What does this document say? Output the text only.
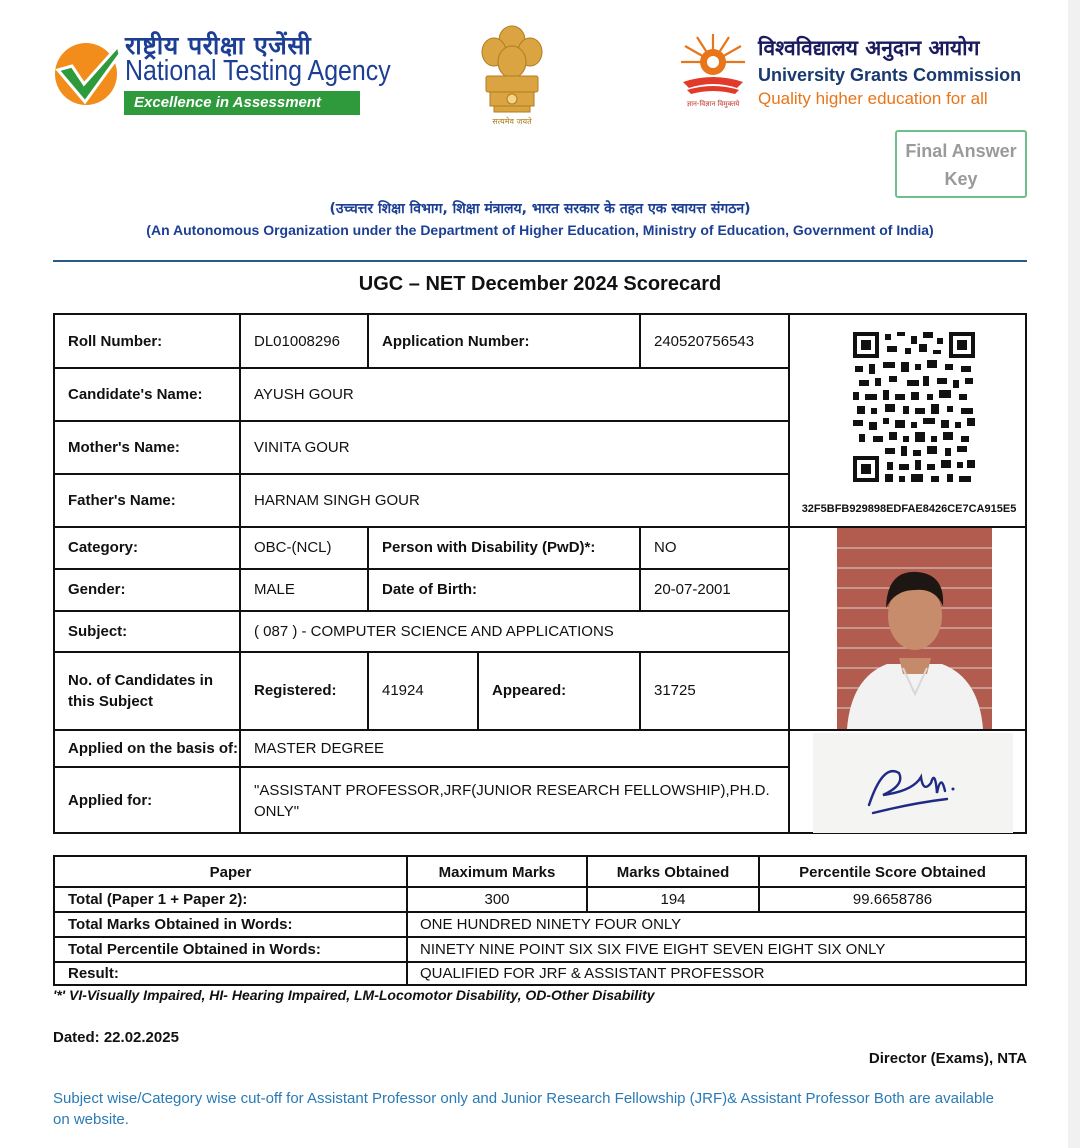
राष्ट्रीय परीक्षा एजेंसी
National Testing Agency
Excellence in Assessment
सत्यमेव जयते
ज्ञान-विज्ञान विमुक्तये
विश्वविद्यालय अनुदान आयोग
University Grants Commission
Quality higher education for all
Final Answer Key
(उच्चत्तर शिक्षा विभाग, शिक्षा मंत्रालय, भारत सरकार के तहत एक स्वायत्त संगठन)
(An Autonomous Organization under the Department of Higher Education, Ministry of Education, Government of India)
UGC – NET December 2024 Scorecard
Roll Number:	DL01008296	Application Number:	240520756543
Candidate's Name:	AYUSH GOUR
Mother's Name:	VINITA GOUR
Father's Name:	HARNAM SINGH GOUR
Category:	OBC-(NCL)	Person with Disability (PwD)*:	NO
Gender:	MALE	Date of Birth:	20-07-2001
Subject:	( 087 ) - COMPUTER SCIENCE AND APPLICATIONS
No. of Candidates in this Subject
Registered:	41924	Appeared:	31725
Applied on the basis of:	MASTER DEGREE
Applied for:
"ASSISTANT PROFESSOR,JRF(JUNIOR RESEARCH FELLOWSHIP),PH.D. ONLY"
32F5BFB929898EDFAE8426CE7CA915E5
Paper	Maximum Marks	Marks Obtained	Percentile Score Obtained
Total (Paper 1 + Paper 2):	300	194	99.6658786
Total Marks Obtained in Words:	ONE HUNDRED NINETY FOUR ONLY
Total Percentile Obtained in Words:	NINETY NINE POINT SIX SIX FIVE EIGHT SEVEN EIGHT SIX ONLY
Result:	QUALIFIED FOR JRF & ASSISTANT PROFESSOR
'*' VI-Visually Impaired, HI- Hearing Impaired, LM-Locomotor Disability, OD-Other Disability
Dated: 22.02.2025
Director (Exams), NTA
Subject wise/Category wise cut-off for Assistant Professor only and Junior Research Fellowship (JRF)& Assistant Professor Both are available on website.
